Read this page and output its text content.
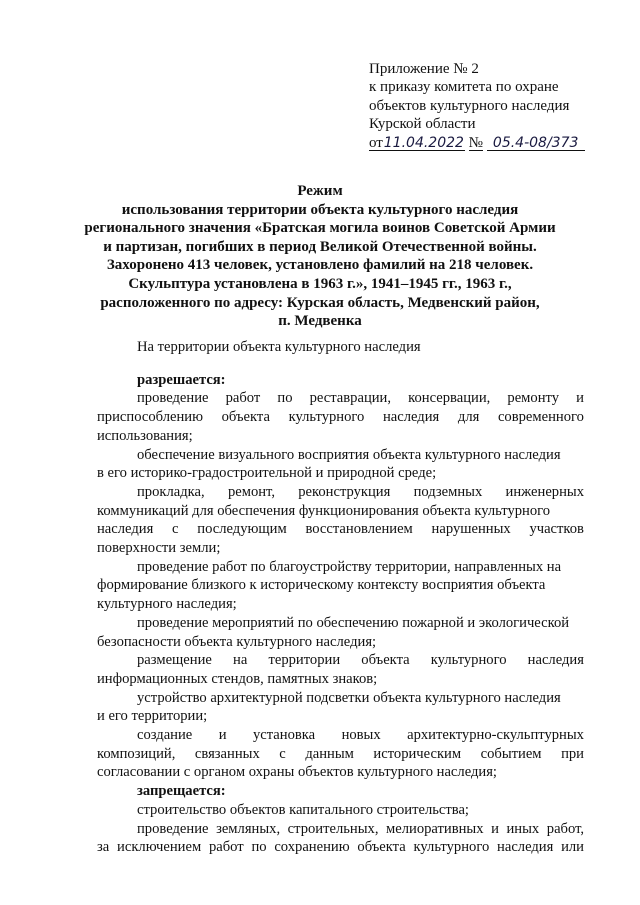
Приложение № 2
к приказу комитета по охране
объектов культурного наследия
Курской области
от11.04.2022 № 05.4-08/373
Режим
использования территории объекта культурного наследия
регионального значения «Братская могила воинов Советской Армии
и партизан, погибших в период Великой Отечественной войны.
Захоронено 413 человек, установлено фамилий на 218 человек.
Скульптура установлена в 1963 г.», 1941–1945 гг., 1963 г.,
расположенного по адресу: Курская область, Медвенский район,
п. Медвенка
На территории объекта культурного наследия
разрешается:
проведение работ по реставрации, консервации, ремонту и
приспособлению объекта культурного наследия для современного
использования;
обеспечение визуального восприятия объекта культурного наследия
в его историко-градостроительной и природной среде;
прокладка, ремонт, реконструкция подземных инженерных
коммуникаций для обеспечения функционирования объекта культурного
наследия с последующим восстановлением нарушенных участков
поверхности земли;
проведение работ по благоустройству территории, направленных на
формирование близкого к историческому контексту восприятия объекта
культурного наследия;
проведение мероприятий по обеспечению пожарной и экологической
безопасности объекта культурного наследия;
размещение на территории объекта культурного наследия
информационных стендов, памятных знаков;
устройство архитектурной подсветки объекта культурного наследия
и его территории;
создание и установка новых архитектурно-скульптурных
композиций, связанных с данным историческим событием при
согласовании с органом охраны объектов культурного наследия;
запрещается:
строительство объектов капитального строительства;
проведение земляных, строительных, мелиоративных и иных работ,
за исключением работ по сохранению объекта культурного наследия или
